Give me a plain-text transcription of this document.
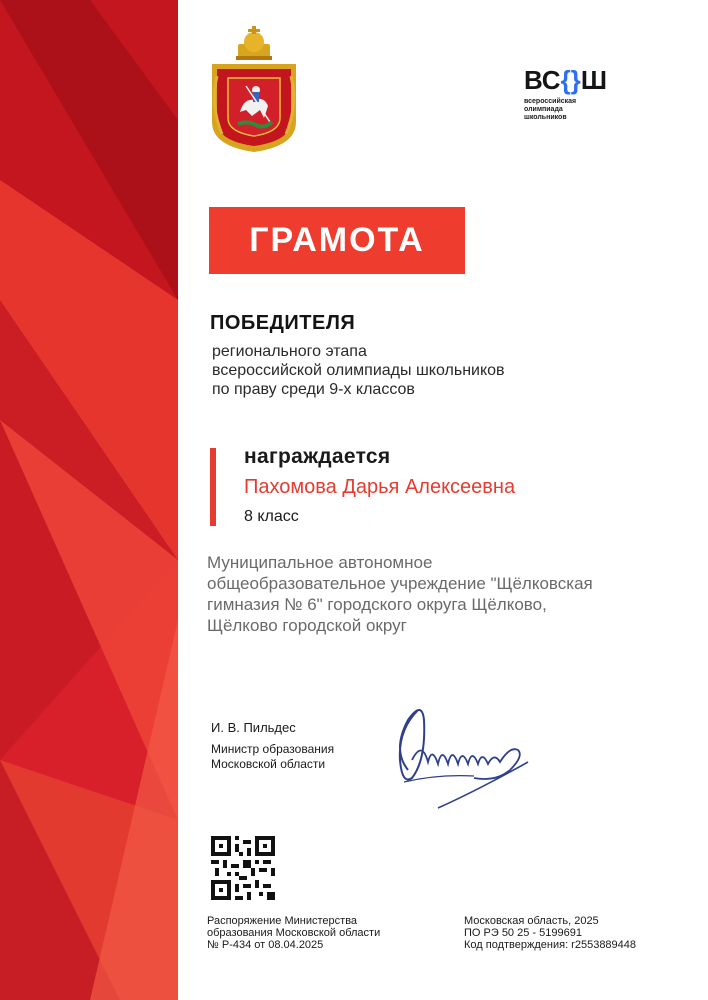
ВС{}Ш
всероссийская
олимпиада
школьников
ГРАМОТА
ПОБЕДИТЕЛЯ
регионального этапа
всероссийской олимпиады школьников
по праву среди 9-х классов
награждается
Пахомова Дарья Алексеевна
8 класс
Муниципальное автономное
общеобразовательное учреждение "Щёлковская
гимназия № 6" городского округа Щёлково,
Щёлково городской округ
И. В. Пильдес
Министр образования
Московской области
Распоряжение Министерства
образования Московской области
№ Р-434 от 08.04.2025
Московская область, 2025
ПО РЭ 50 25 - 5199691
Код подтверждения: r2553889448
